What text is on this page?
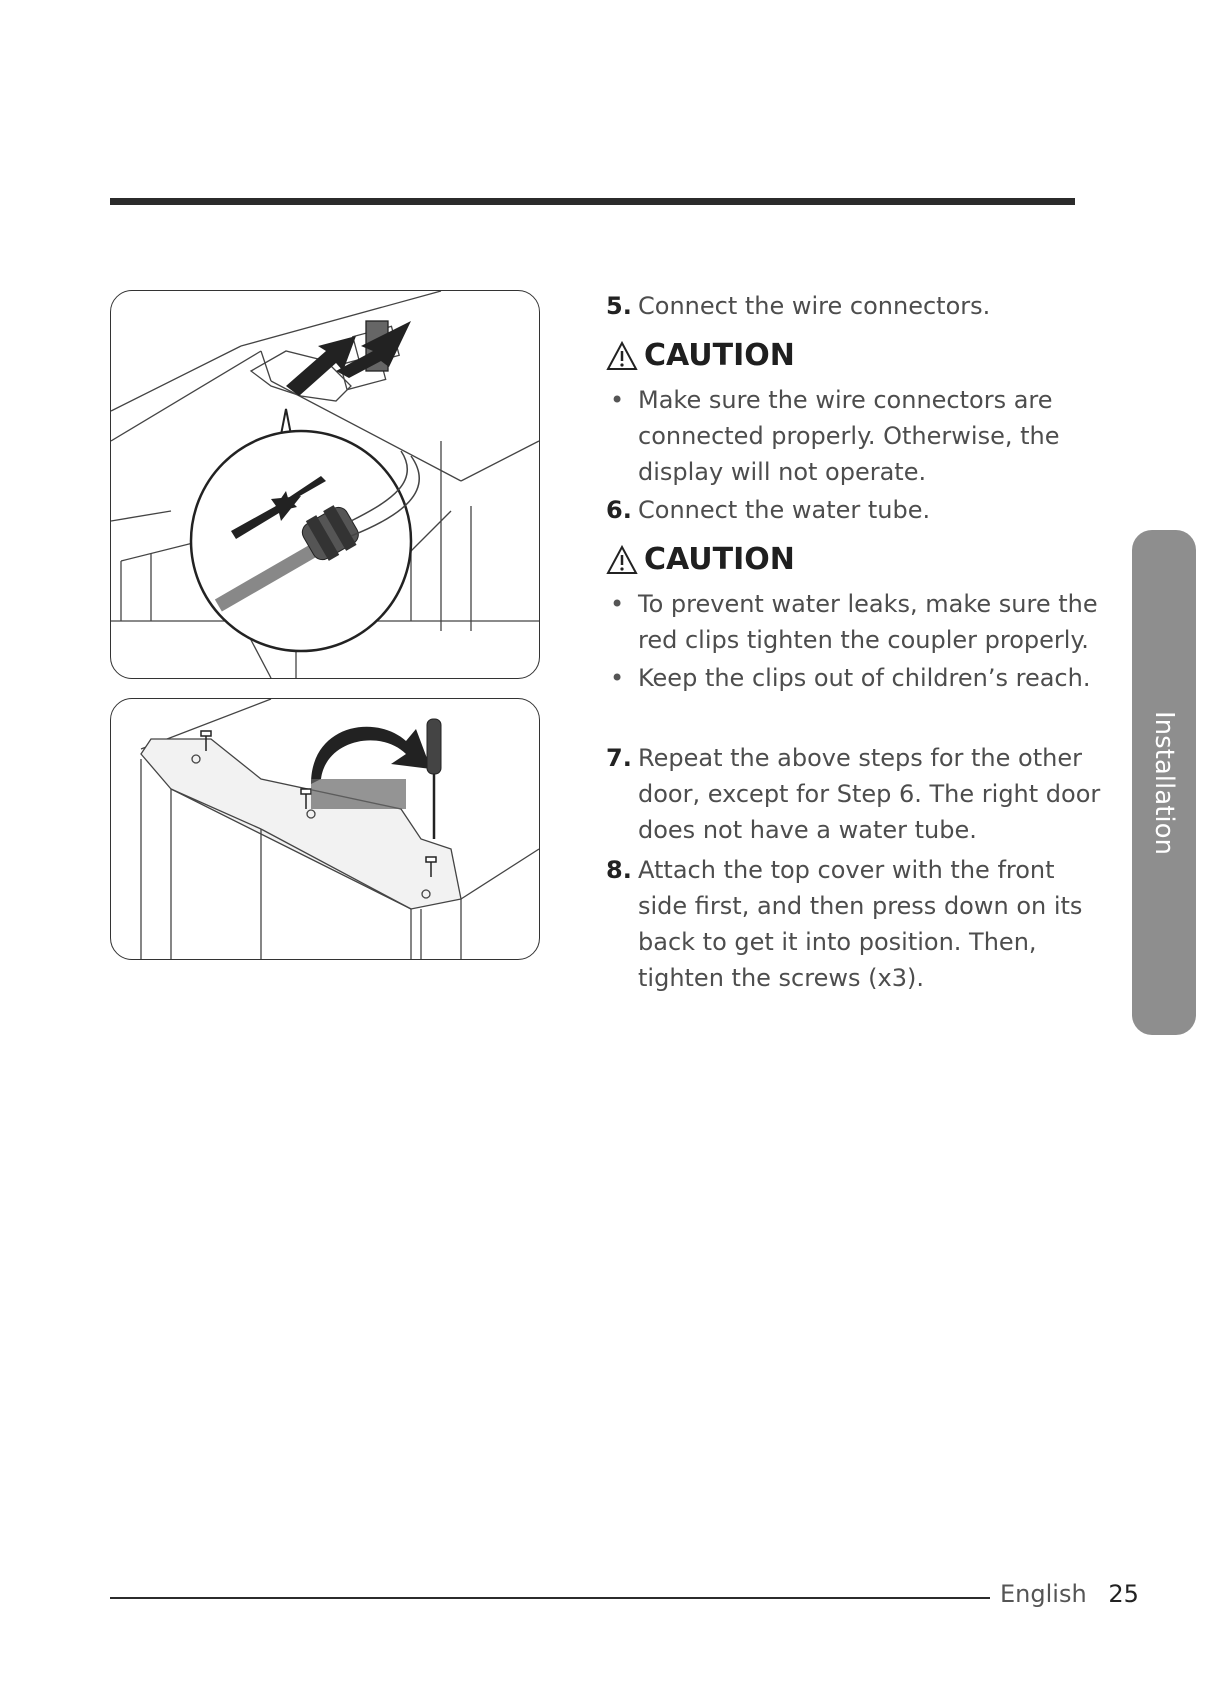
5. Connect the wire connectors.
CAUTION
• Make sure the wire connectors are connected properly. Otherwise, the display will not operate.
6. Connect the water tube.
CAUTION
• To prevent water leaks, make sure the red clips tighten the coupler properly.
• Keep the clips out of children’s reach.
7. Repeat the above steps for the other door, except for Step 6. The right door does not have a water tube.
8. Attach the top cover with the front side first, and then press down on its back to get it into position. Then, tighten the screws (x3).
Installation
English 25
